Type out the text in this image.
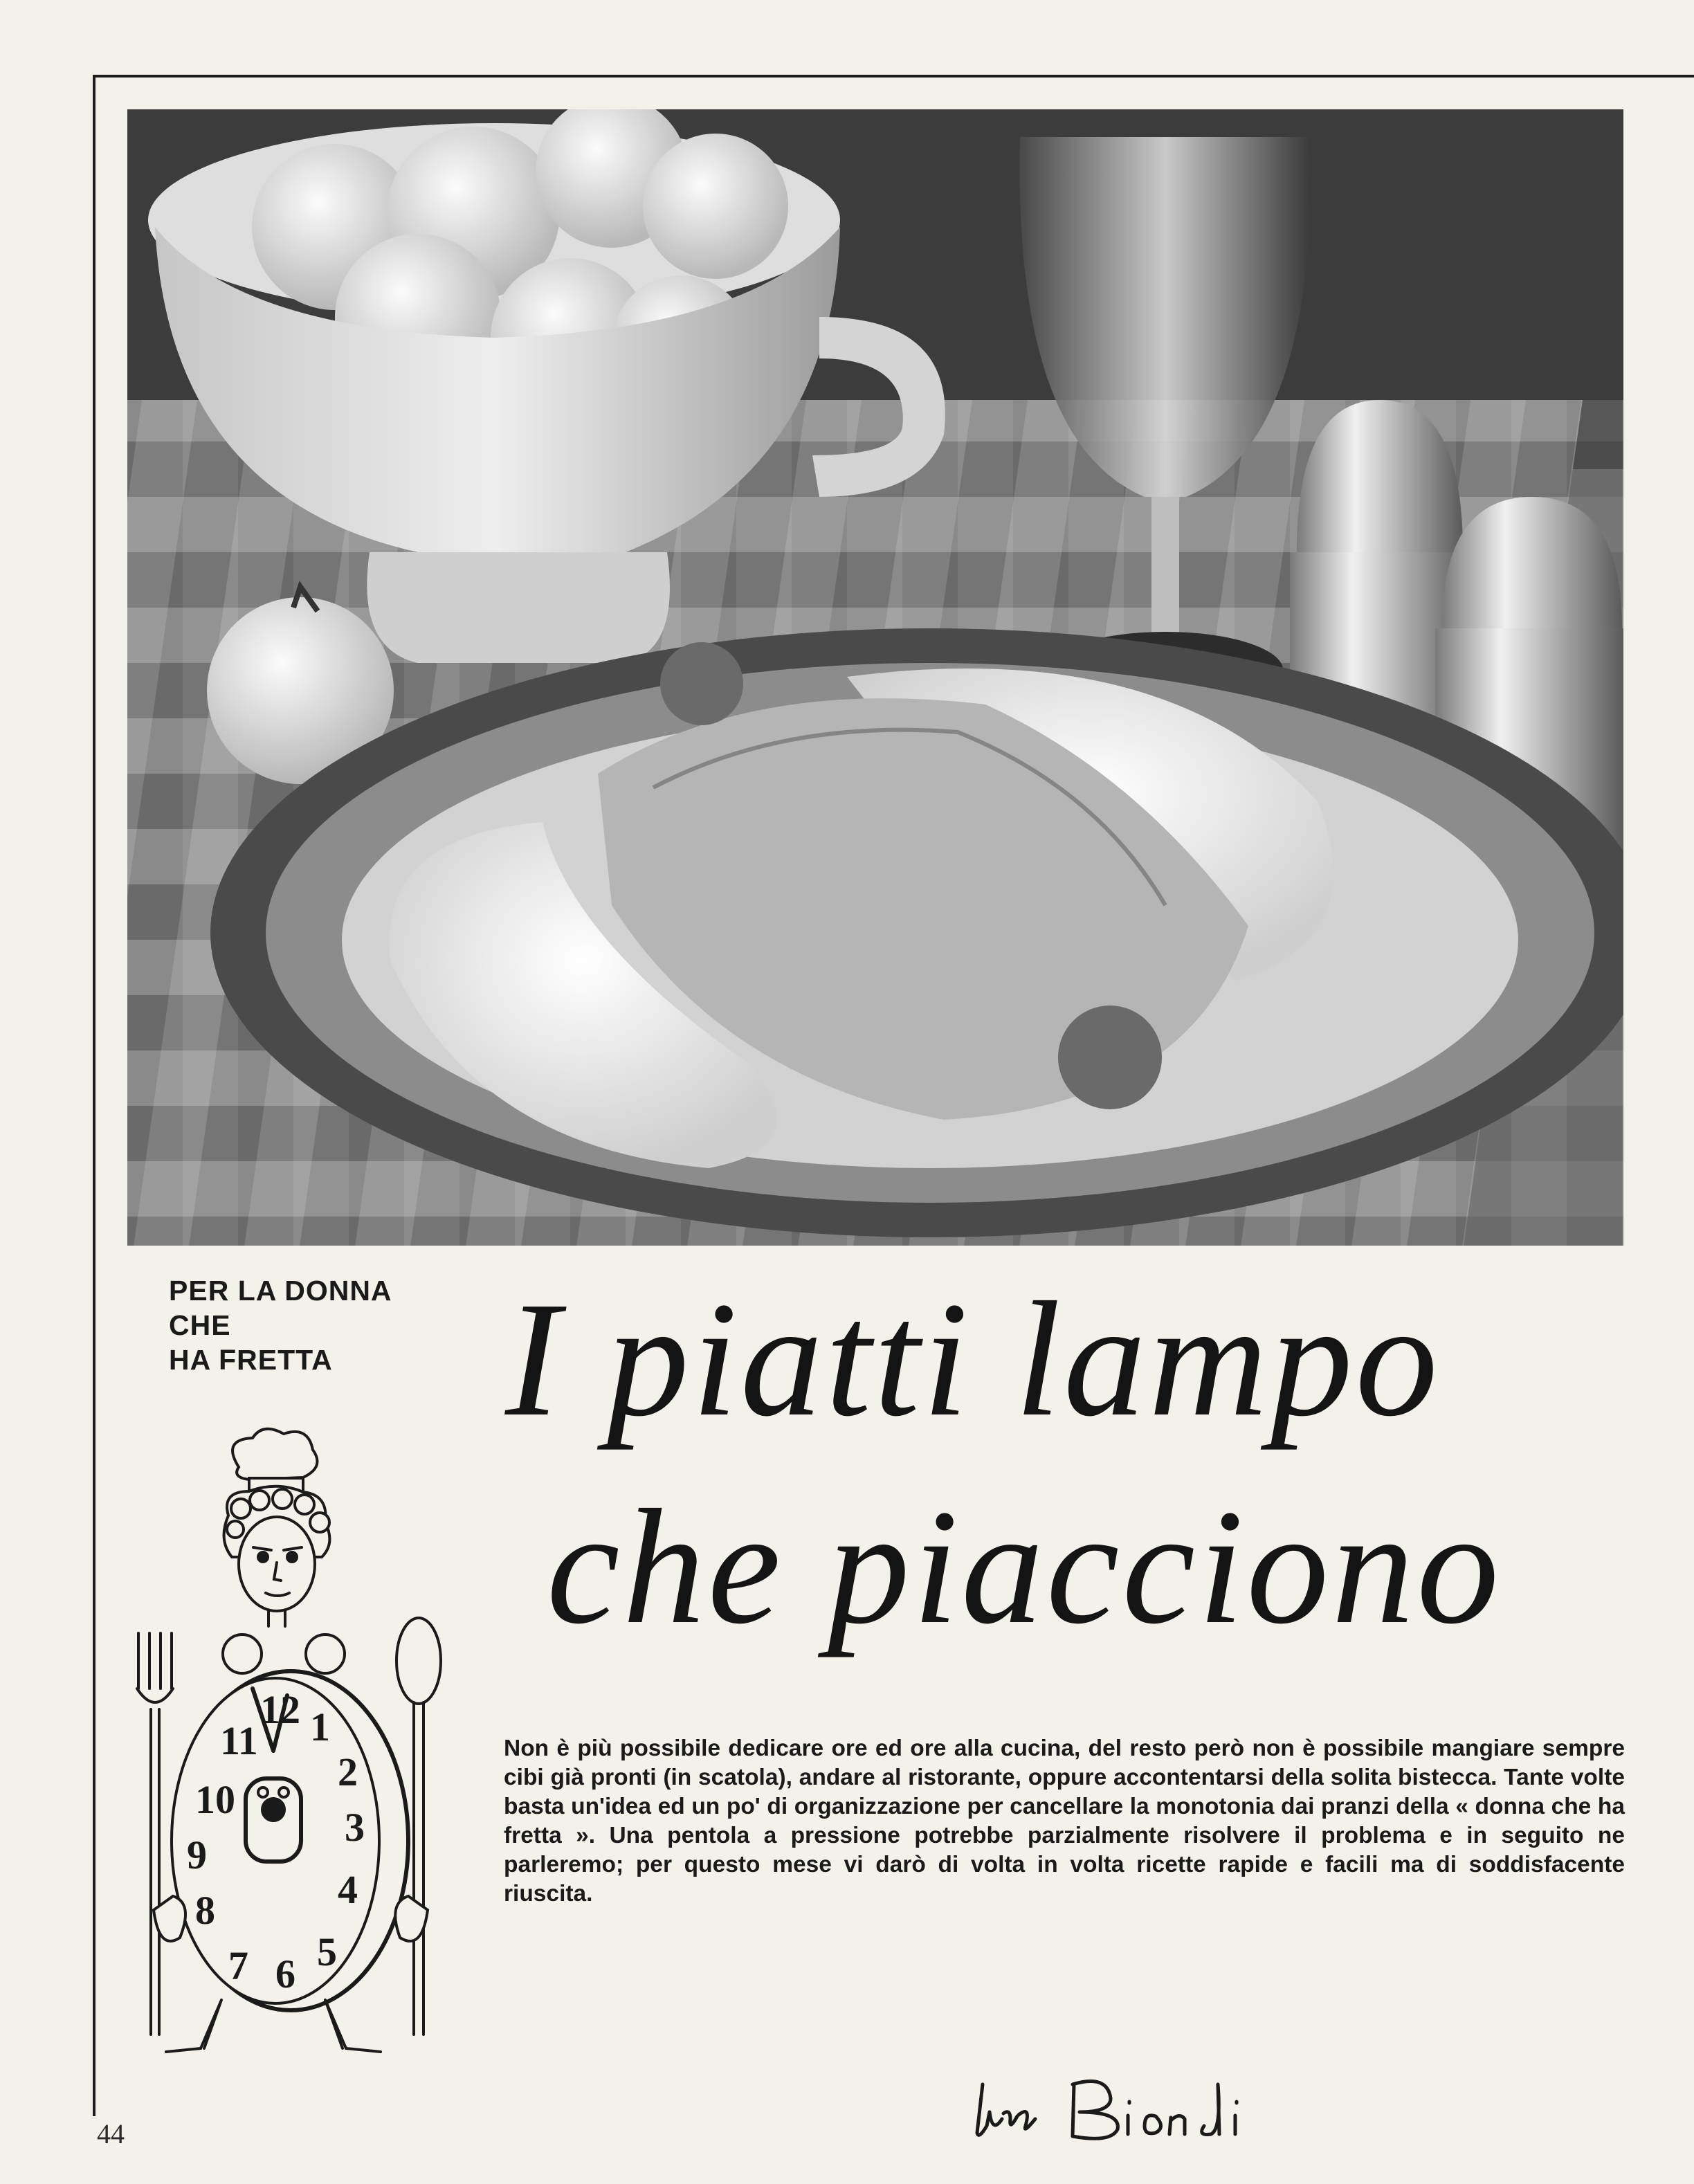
PER LA DONNA
CHE
HA FRETTA	I piatti lampo
che piacciono
12 1
2
3
4
5
6
7
8
9
10
11	Non è più possibile dedicare ore ed ore alla cucina, del resto però non è possibile mangiare sempre cibi già pronti (in scatola), andare al ristorante, oppure accontentarsi della solita bistecca. Tante volte basta un'idea ed un po' di organizzazione per cancellare la monotonia dai pranzi della « donna che ha fretta ». Una pentola a pressione potrebbe parzialmente risolvere il problema e in seguito ne parleremo; per questo mese vi darò di volta in volta ricette rapide e facili ma di soddisfacente riuscita.
44
